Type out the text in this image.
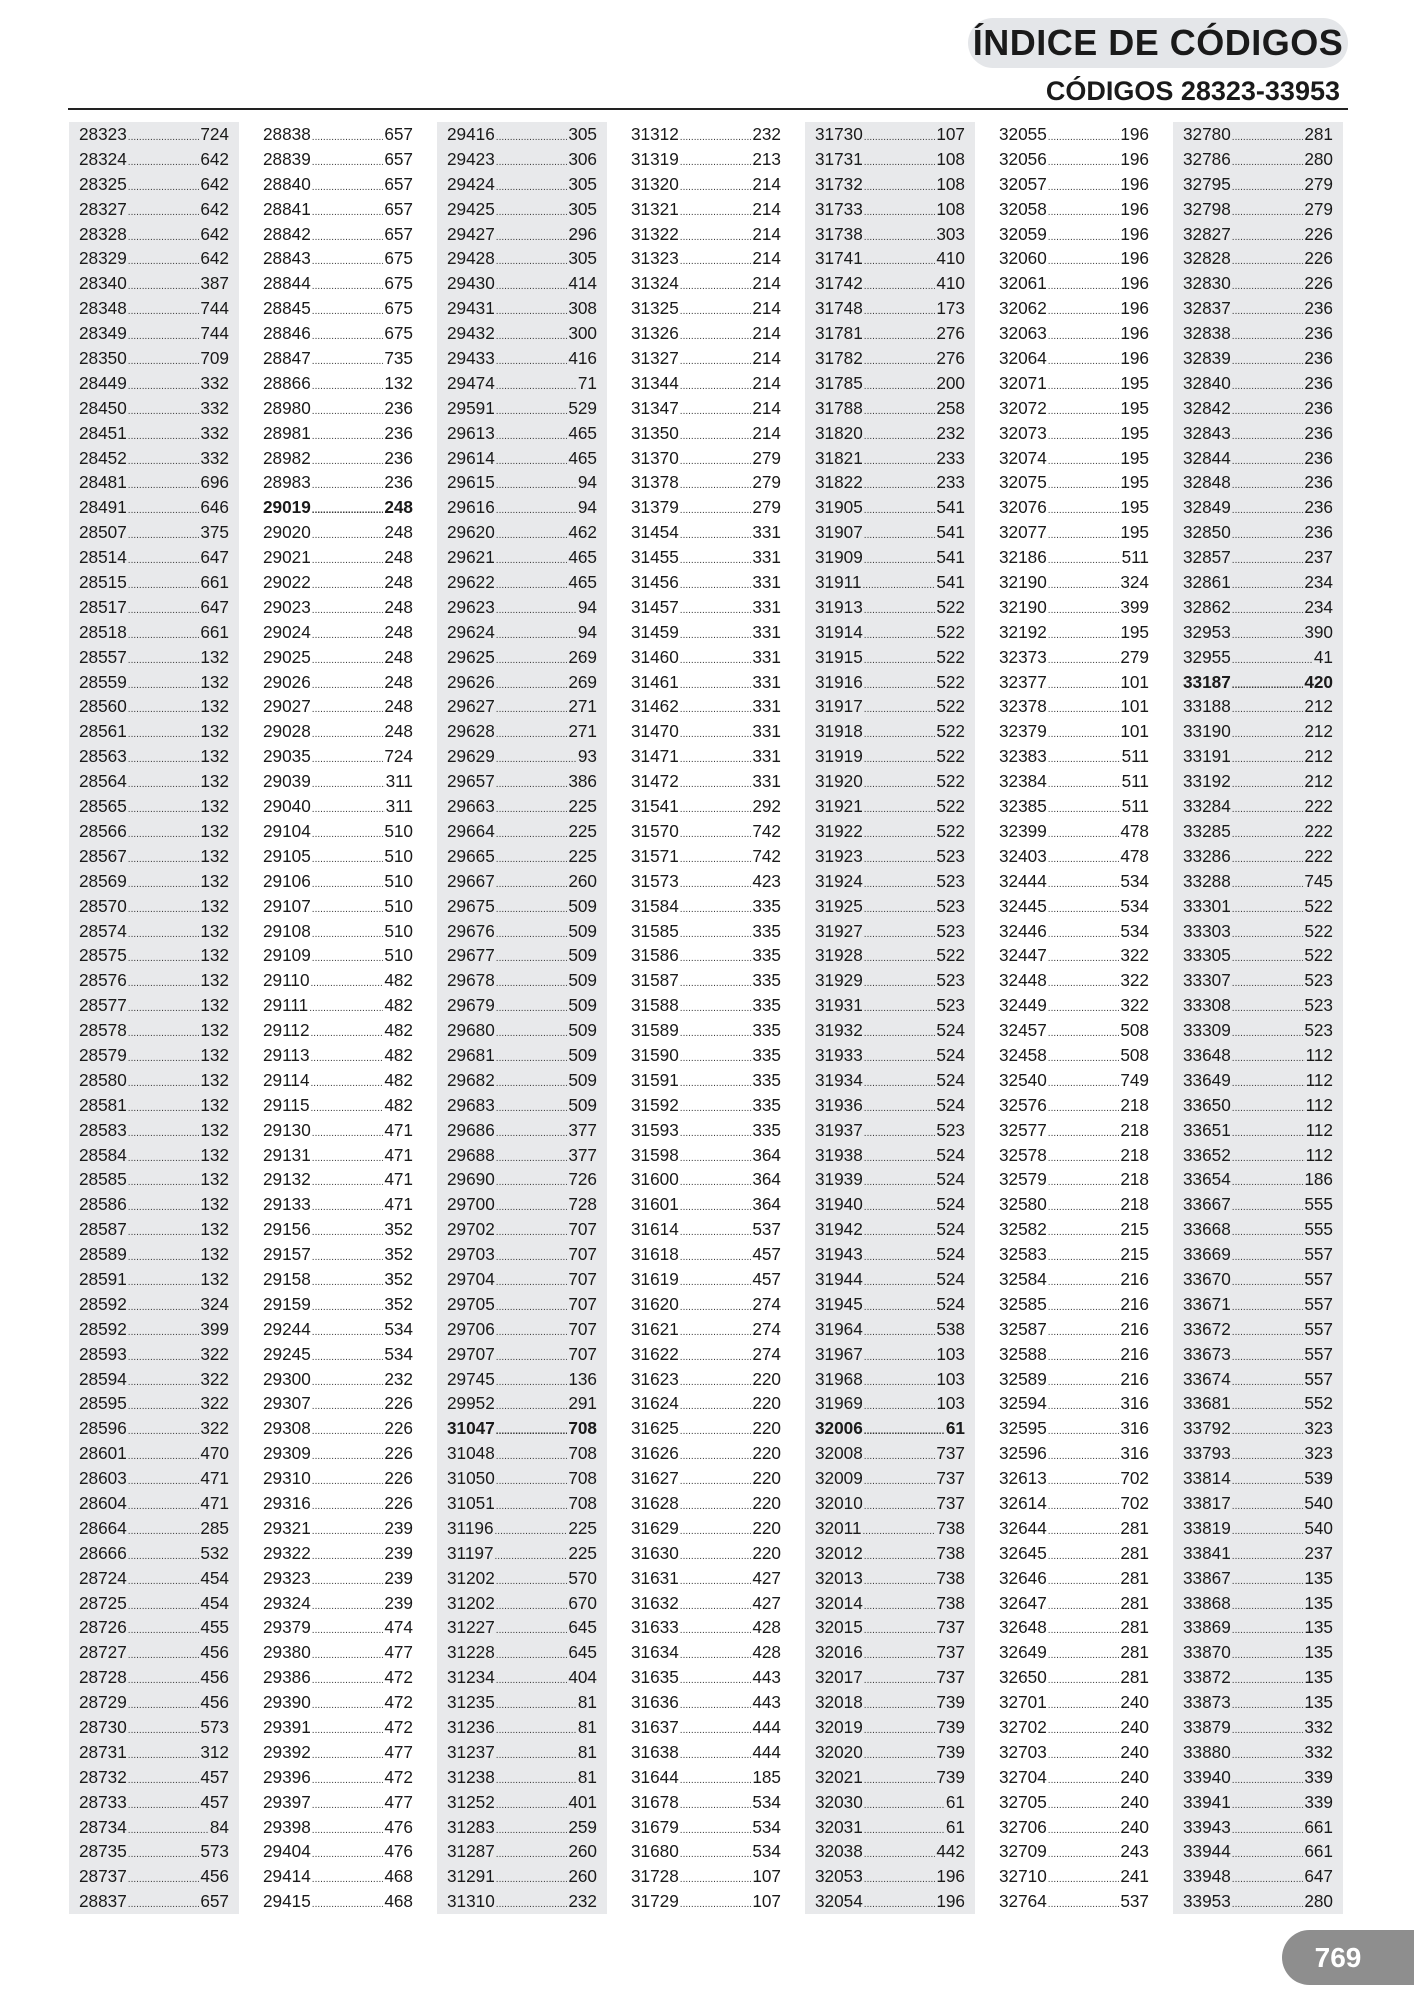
ÍNDICE DE CÓDIGOS
CÓDIGOS 28323-33953
28323 .....	724
28324 .....	642
28325 .....	642
28327 .....	642
28328 .....	642
28329 .....	642
28340 .....	387
28348 .....	744
28349 .....	744
28350 .....	709
28449 .....	332
28450 .....	332
28451 .....	332
28452 .....	332
28481 .....	696
28491 .....	646
28507 .....	375
28514 .....	647
28515 .....	661
28517 .....	647
28518 .....	661
28557 .....	132
28559 .....	132
28560 .....	132
28561 .....	132
28563 .....	132
28564 .....	132
28565 .....	132
28566 .....	132
28567 .....	132
28569 .....	132
28570 .....	132
28574 .....	132
28575 .....	132
28576 .....	132
28577 .....	132
28578 .....	132
28579 .....	132
28580 .....	132
28581 .....	132
28583 .....	132
28584 .....	132
28585 .....	132
28586 .....	132
28587 .....	132
28589 .....	132
28591 .....	132
28592 .....	324
28592 .....	399
28593 .....	322
28594 .....	322
28595 .....	322
28596 .....	322
28601 .....	470
28603 .....	471
28604 .....	471
28664 .....	285
28666 .....	532
28724 .....	454
28725 .....	454
28726 .....	455
28727 .....	456
28728 .....	456
28729 .....	456
28730 .....	573
28731 .....	312
28732 .....	457
28733 .....	457
28734 .....	84
28735 .....	573
28737 .....	456
28837 .....	657
28838 .....	657
28839 .....	657
28840 .....	657
28841 .....	657
28842 .....	657
28843 .....	675
28844 .....	675
28845 .....	675
28846 .....	675
28847 .....	735
28866 .....	132
28980 .....	236
28981 .....	236
28982 .....	236
28983 .....	236
29019 .....	248
29020 .....	248
29021 .....	248
29022 .....	248
29023 .....	248
29024 .....	248
29025 .....	248
29026 .....	248
29027 .....	248
29028 .....	248
29035 .....	724
29039 .....	311
29040 .....	311
29104 .....	510
29105 .....	510
29106 .....	510
29107 .....	510
29108 .....	510
29109 .....	510
29110 .....	482
29111 .....	482
29112 .....	482
29113 .....	482
29114 .....	482
29115 .....	482
29130 .....	471
29131 .....	471
29132 .....	471
29133 .....	471
29156 .....	352
29157 .....	352
29158 .....	352
29159 .....	352
29244 .....	534
29245 .....	534
29300 .....	232
29307 .....	226
29308 .....	226
29309 .....	226
29310 .....	226
29316 .....	226
29321 .....	239
29322 .....	239
29323 .....	239
29324 .....	239
29379 .....	474
29380 .....	477
29386 .....	472
29390 .....	472
29391 .....	472
29392 .....	477
29396 .....	472
29397 .....	477
29398 .....	476
29404 .....	476
29414 .....	468
29415 .....	468
29416 .....	305
29423 .....	306
29424 .....	305
29425 .....	305
29427 .....	296
29428 .....	305
29430 .....	414
29431 .....	308
29432 .....	300
29433 .....	416
29474 .....	71
29591 .....	529
29613 .....	465
29614 .....	465
29615 .....	94
29616 .....	94
29620 .....	462
29621 .....	465
29622 .....	465
29623 .....	94
29624 .....	94
29625 .....	269
29626 .....	269
29627 .....	271
29628 .....	271
29629 .....	93
29657 .....	386
29663 .....	225
29664 .....	225
29665 .....	225
29667 .....	260
29675 .....	509
29676 .....	509
29677 .....	509
29678 .....	509
29679 .....	509
29680 .....	509
29681 .....	509
29682 .....	509
29683 .....	509
29686 .....	377
29688 .....	377
29690 .....	726
29700 .....	728
29702 .....	707
29703 .....	707
29704 .....	707
29705 .....	707
29706 .....	707
29707 .....	707
29745 .....	136
29952 .....	291
31047 .....	708
31048 .....	708
31050 .....	708
31051 .....	708
31196 .....	225
31197 .....	225
31202 .....	570
31202 .....	670
31227 .....	645
31228 .....	645
31234 .....	404
31235 .....	81
31236 .....	81
31237 .....	81
31238 .....	81
31252 .....	401
31283 .....	259
31287 .....	260
31291 .....	260
31310 .....	232
31312 .....	232
31319 .....	213
31320 .....	214
31321 .....	214
31322 .....	214
31323 .....	214
31324 .....	214
31325 .....	214
31326 .....	214
31327 .....	214
31344 .....	214
31347 .....	214
31350 .....	214
31370 .....	279
31378 .....	279
31379 .....	279
31454 .....	331
31455 .....	331
31456 .....	331
31457 .....	331
31459 .....	331
31460 .....	331
31461 .....	331
31462 .....	331
31470 .....	331
31471 .....	331
31472 .....	331
31541 .....	292
31570 .....	742
31571 .....	742
31573 .....	423
31584 .....	335
31585 .....	335
31586 .....	335
31587 .....	335
31588 .....	335
31589 .....	335
31590 .....	335
31591 .....	335
31592 .....	335
31593 .....	335
31598 .....	364
31600 .....	364
31601 .....	364
31614 .....	537
31618 .....	457
31619 .....	457
31620 .....	274
31621 .....	274
31622 .....	274
31623 .....	220
31624 .....	220
31625 .....	220
31626 .....	220
31627 .....	220
31628 .....	220
31629 .....	220
31630 .....	220
31631 .....	427
31632 .....	427
31633 .....	428
31634 .....	428
31635 .....	443
31636 .....	443
31637 .....	444
31638 .....	444
31644 .....	185
31678 .....	534
31679 .....	534
31680 .....	534
31728 .....	107
31729 .....	107
31730 .....	107
31731 .....	108
31732 .....	108
31733 .....	108
31738 .....	303
31741 .....	410
31742 .....	410
31748 .....	173
31781 .....	276
31782 .....	276
31785 .....	200
31788 .....	258
31820 .....	232
31821 .....	233
31822 .....	233
31905 .....	541
31907 .....	541
31909 .....	541
31911 .....	541
31913 .....	522
31914 .....	522
31915 .....	522
31916 .....	522
31917 .....	522
31918 .....	522
31919 .....	522
31920 .....	522
31921 .....	522
31922 .....	522
31923 .....	523
31924 .....	523
31925 .....	523
31927 .....	523
31928 .....	522
31929 .....	523
31931 .....	523
31932 .....	524
31933 .....	524
31934 .....	524
31936 .....	524
31937 .....	523
31938 .....	524
31939 .....	524
31940 .....	524
31942 .....	524
31943 .....	524
31944 .....	524
31945 .....	524
31964 .....	538
31967 .....	103
31968 .....	103
31969 .....	103
32006 .....	61
32008 .....	737
32009 .....	737
32010 .....	737
32011 .....	738
32012 .....	738
32013 .....	738
32014 .....	738
32015 .....	737
32016 .....	737
32017 .....	737
32018 .....	739
32019 .....	739
32020 .....	739
32021 .....	739
32030 .....	61
32031 .....	61
32038 .....	442
32053 .....	196
32054 .....	196
32055 .....	196
32056 .....	196
32057 .....	196
32058 .....	196
32059 .....	196
32060 .....	196
32061 .....	196
32062 .....	196
32063 .....	196
32064 .....	196
32071 .....	195
32072 .....	195
32073 .....	195
32074 .....	195
32075 .....	195
32076 .....	195
32077 .....	195
32186 .....	511
32190 .....	324
32190 .....	399
32192 .....	195
32373 .....	279
32377 .....	101
32378 .....	101
32379 .....	101
32383 .....	511
32384 .....	511
32385 .....	511
32399 .....	478
32403 .....	478
32444 .....	534
32445 .....	534
32446 .....	534
32447 .....	322
32448 .....	322
32449 .....	322
32457 .....	508
32458 .....	508
32540 .....	749
32576 .....	218
32577 .....	218
32578 .....	218
32579 .....	218
32580 .....	218
32582 .....	215
32583 .....	215
32584 .....	216
32585 .....	216
32587 .....	216
32588 .....	216
32589 .....	216
32594 .....	316
32595 .....	316
32596 .....	316
32613 .....	702
32614 .....	702
32644 .....	281
32645 .....	281
32646 .....	281
32647 .....	281
32648 .....	281
32649 .....	281
32650 .....	281
32701 .....	240
32702 .....	240
32703 .....	240
32704 .....	240
32705 .....	240
32706 .....	240
32709 .....	243
32710 .....	241
32764 .....	537
32780 .....	281
32786 .....	280
32795 .....	279
32798 .....	279
32827 .....	226
32828 .....	226
32830 .....	226
32837 .....	236
32838 .....	236
32839 .....	236
32840 .....	236
32842 .....	236
32843 .....	236
32844 .....	236
32848 .....	236
32849 .....	236
32850 .....	236
32857 .....	237
32861 .....	234
32862 .....	234
32953 .....	390
32955 .....	41
33187 .....	420
33188 .....	212
33190 .....	212
33191 .....	212
33192 .....	212
33284 .....	222
33285 .....	222
33286 .....	222
33288 .....	745
33301 .....	522
33303 .....	522
33305 .....	522
33307 .....	523
33308 .....	523
33309 .....	523
33648 .....	112
33649 .....	112
33650 .....	112
33651 .....	112
33652 .....	112
33654 .....	186
33667 .....	555
33668 .....	555
33669 .....	557
33670 .....	557
33671 .....	557
33672 .....	557
33673 .....	557
33674 .....	557
33681 .....	552
33792 .....	323
33793 .....	323
33814 .....	539
33817 .....	540
33819 .....	540
33841 .....	237
33867 .....	135
33868 .....	135
33869 .....	135
33870 .....	135
33872 .....	135
33873 .....	135
33879 .....	332
33880 .....	332
33940 .....	339
33941 .....	339
33943 .....	661
33944 .....	661
33948 .....	647
33953 .....	280
769
